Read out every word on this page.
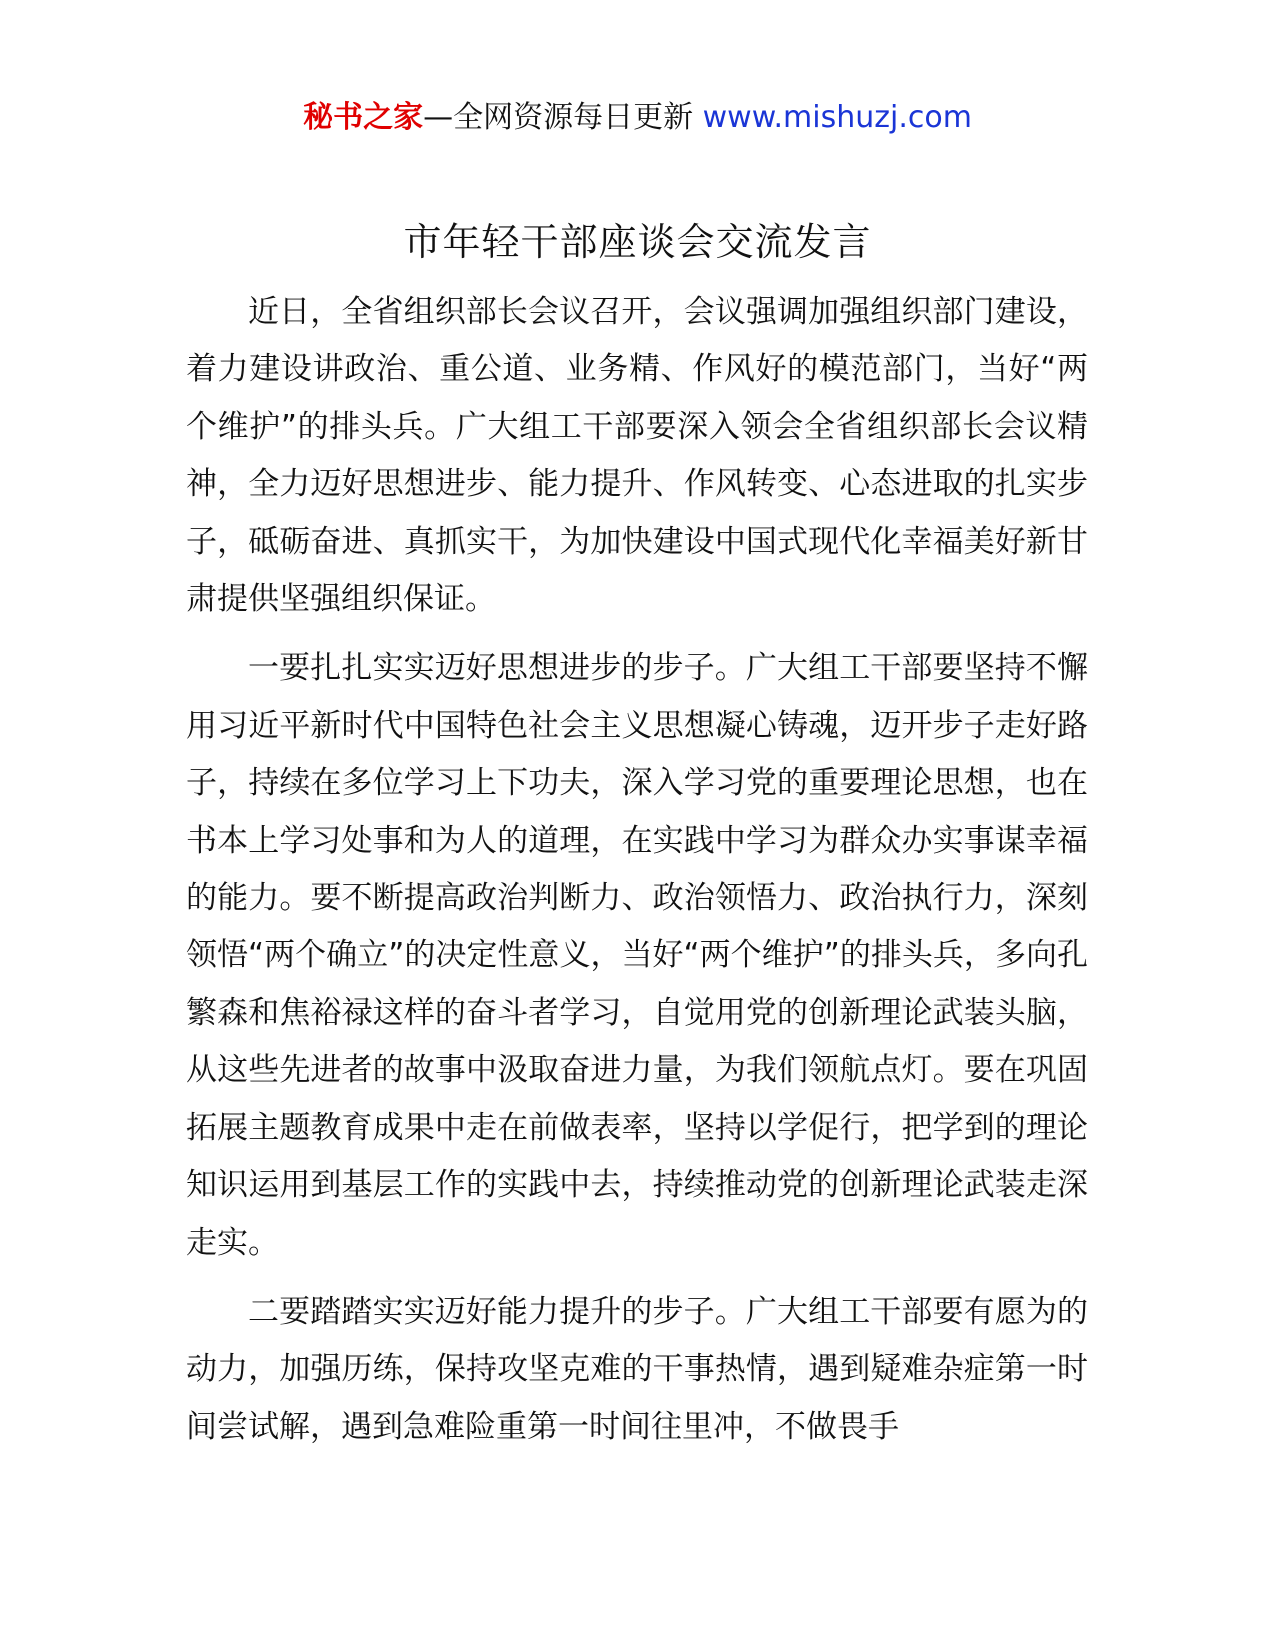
秘书之家—全网资源每日更新 www.mishuzj.com
市年轻干部座谈会交流发言

近日，全省组织部长会议召开，会议强调加强组织部门建设，着力建设讲政治、重公道、业务精、作风好的模范部门，当好“两个维护”的排头兵。广大组工干部要深入领会全省组织部长会议精神，全力迈好思想进步、能力提升、作风转变、心态进取的扎实步子，砥砺奋进、真抓实干，为加快建设中国式现代化幸福美好新甘肃提供坚强组织保证。

一要扎扎实实迈好思想进步的步子。广大组工干部要坚持不懈用习近平新时代中国特色社会主义思想凝心铸魂，迈开步子走好路子，持续在多位学习上下功夫，深入学习党的重要理论思想，也在书本上学习处事和为人的道理，在实践中学习为群众办实事谋幸福的能力。要不断提高政治判断力、政治领悟力、政治执行力，深刻领悟“两个确立”的决定性意义，当好“两个维护”的排头兵，多向孔繁森和焦裕禄这样的奋斗者学习，自觉用党的创新理论武装头脑，从这些先进者的故事中汲取奋进力量，为我们领航点灯。要在巩固拓展主题教育成果中走在前做表率，坚持以学促行，把学到的理论知识运用到基层工作的实践中去，持续推动党的创新理论武装走深走实。

二要踏踏实实迈好能力提升的步子。广大组工干部要有愿为的动力，加强历练，保持攻坚克难的干事热情，遇到疑难杂症第一时间尝试解，遇到急难险重第一时间往里冲，不做畏手
